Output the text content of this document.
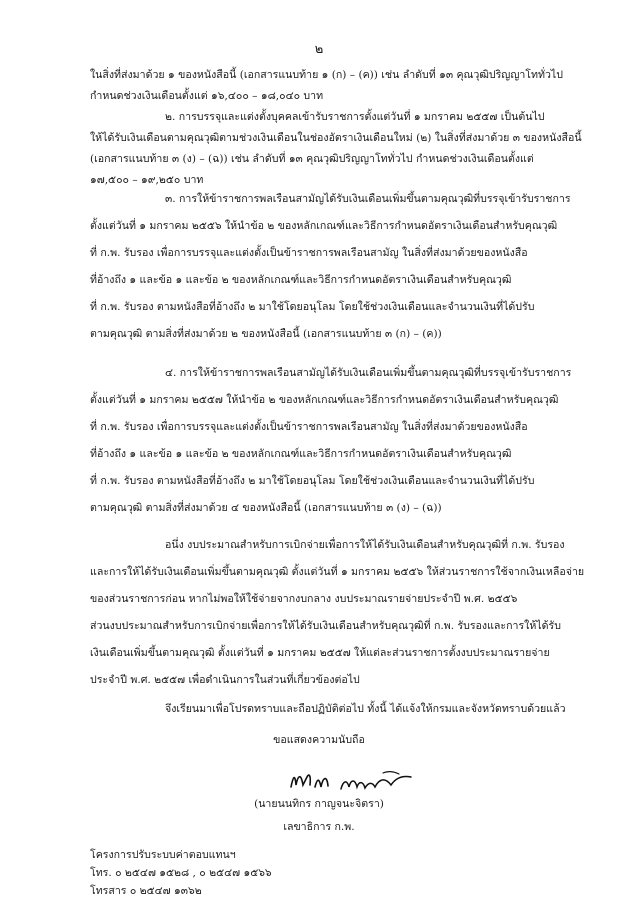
๒
ในสิ่งที่ส่งมาด้วย ๑ ของหนังสือนี้ (เอกสารแนบท้าย ๑ (ก) – (ค)) เช่น ลำดับที่ ๑๓ คุณวุฒิปริญญาโททั่วไป
กำหนดช่วงเงินเดือนตั้งแต่ ๑๖,๔๐๐ – ๑๘,๐๔๐ บาท
๒. การบรรจุและแต่งตั้งบุคคลเข้ารับราชการตั้งแต่วันที่ ๑ มกราคม ๒๕๕๗ เป็นต้นไป
ให้ได้รับเงินเดือนตามคุณวุฒิตามช่วงเงินเดือนในช่องอัตราเงินเดือนใหม่ (๒) ในสิ่งที่ส่งมาด้วย ๓ ของหนังสือนี้
(เอกสารแนบท้าย ๓ (ง) – (ฉ)) เช่น ลำดับที่ ๑๓ คุณวุฒิปริญญาโททั่วไป กำหนดช่วงเงินเดือนตั้งแต่
๑๗,๕๐๐ – ๑๙,๒๕๐ บาท
๓. การให้ข้าราชการพลเรือนสามัญได้รับเงินเดือนเพิ่มขึ้นตามคุณวุฒิที่บรรจุเข้ารับราชการ
ตั้งแต่วันที่ ๑ มกราคม ๒๕๕๖ ให้นำข้อ ๒ ของหลักเกณฑ์และวิธีการกำหนดอัตราเงินเดือนสำหรับคุณวุฒิ
ที่ ก.พ. รับรอง เพื่อการบรรจุและแต่งตั้งเป็นข้าราชการพลเรือนสามัญ ในสิ่งที่ส่งมาด้วยของหนังสือ
ที่อ้างถึง ๑ และข้อ ๑ และข้อ ๒ ของหลักเกณฑ์และวิธีการกำหนดอัตราเงินเดือนสำหรับคุณวุฒิ
ที่ ก.พ. รับรอง ตามหนังสือที่อ้างถึง ๒ มาใช้โดยอนุโลม โดยใช้ช่วงเงินเดือนและจำนวนเงินที่ได้ปรับ
ตามคุณวุฒิ ตามสิ่งที่ส่งมาด้วย ๒ ของหนังสือนี้ (เอกสารแนบท้าย ๓ (ก) – (ค))
๔. การให้ข้าราชการพลเรือนสามัญได้รับเงินเดือนเพิ่มขึ้นตามคุณวุฒิที่บรรจุเข้ารับราชการ
ตั้งแต่วันที่ ๑ มกราคม ๒๕๕๗ ให้นำข้อ ๒ ของหลักเกณฑ์และวิธีการกำหนดอัตราเงินเดือนสำหรับคุณวุฒิ
ที่ ก.พ. รับรอง เพื่อการบรรจุและแต่งตั้งเป็นข้าราชการพลเรือนสามัญ ในสิ่งที่ส่งมาด้วยของหนังสือ
ที่อ้างถึง ๑ และข้อ ๑ และข้อ ๒ ของหลักเกณฑ์และวิธีการกำหนดอัตราเงินเดือนสำหรับคุณวุฒิ
ที่ ก.พ. รับรอง ตามหนังสือที่อ้างถึง ๒ มาใช้โดยอนุโลม โดยใช้ช่วงเงินเดือนและจำนวนเงินที่ได้ปรับ
ตามคุณวุฒิ ตามสิ่งที่ส่งมาด้วย ๔ ของหนังสือนี้ (เอกสารแนบท้าย ๓ (ง) – (ฉ))
อนึ่ง งบประมาณสำหรับการเบิกจ่ายเพื่อการให้ได้รับเงินเดือนสำหรับคุณวุฒิที่ ก.พ. รับรอง
และการให้ได้รับเงินเดือนเพิ่มขึ้นตามคุณวุฒิ ตั้งแต่วันที่ ๑ มกราคม ๒๕๕๖ ให้ส่วนราชการใช้จากเงินเหลือจ่าย
ของส่วนราชการก่อน หากไม่พอให้ใช้จ่ายจากงบกลาง งบประมาณรายจ่ายประจำปี พ.ศ. ๒๕๕๖
ส่วนงบประมาณสำหรับการเบิกจ่ายเพื่อการให้ได้รับเงินเดือนสำหรับคุณวุฒิที่ ก.พ. รับรองและการให้ได้รับ
เงินเดือนเพิ่มขึ้นตามคุณวุฒิ ตั้งแต่วันที่ ๑ มกราคม ๒๕๕๗ ให้แต่ละส่วนราชการตั้งงบประมาณรายจ่าย
ประจำปี พ.ศ. ๒๕๕๗ เพื่อดำเนินการในส่วนที่เกี่ยวข้องต่อไป
จึงเรียนมาเพื่อโปรดทราบและถือปฏิบัติต่อไป ทั้งนี้ ได้แจ้งให้กรมและจังหวัดทราบด้วยแล้ว
ขอแสดงความนับถือ
(นายนนทิกร กาญจนะจิตรา)
เลขาธิการ ก.พ.
โครงการปรับระบบค่าตอบแทนฯ
โทร. ๐ ๒๕๔๗ ๑๕๒๘ , ๐ ๒๕๔๗ ๑๕๖๖
โทรสาร ๐ ๒๕๔๗ ๑๓๖๒
